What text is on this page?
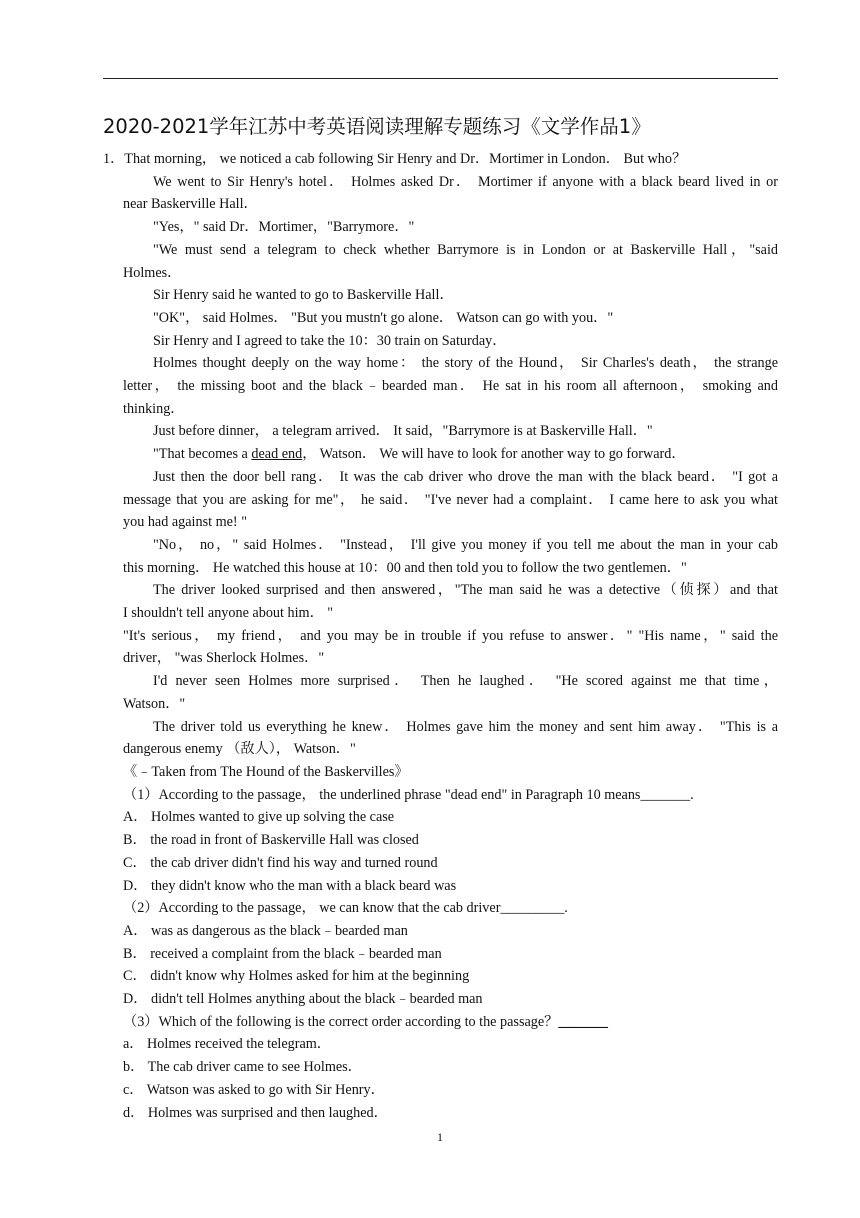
2020-2021学年江苏中考英语阅读理解专题练习《文学作品1》
1．That morning， we noticed a cab following Sir Henry and Dr．Mortimer in London． But who？
We went to Sir Henry's hotel． Holmes asked Dr． Mortimer if anyone with a black beard lived in or
near Baskerville Hall．
"Yes，" said Dr．Mortimer，"Barrymore．"
"We must send a telegram to check whether Barrymore is in London or at Baskerville Hall，"said
Holmes．
Sir Henry said he wanted to go to Baskerville Hall．
"OK"， said Holmes． "But you mustn't go alone． Watson can go with you．"
Sir Henry and I agreed to take the 10：30 train on Saturday．
Holmes thought deeply on the way home： the story of the Hound， Sir Charles's death， the strange
letter， the missing boot and the black﹣bearded man． He sat in his room all afternoon， smoking and
thinking．
Just before dinner， a telegram arrived． It said，"Barrymore is at Baskerville Hall．"
"That becomes a dead end， Watson． We will have to look for another way to go forward．
Just then the door bell rang． It was the cab driver who drove the man with the black beard． "I got a
message that you are asking for me"， he said． "I've never had a complaint． I came here to ask you what
you had against me! "
"No， no，" said Holmes． "Instead， I'll give you money if you tell me about the man in your cab
this morning． He watched this house at 10：00 and then told you to follow the two gentlemen．"
The driver looked surprised and then answered，"The man said he was a detective（侦探）and that
I shouldn't tell anyone about him． "
"It's serious， my friend， and you may be in trouble if you refuse to answer．" "His name，" said the
driver， "was Sherlock Holmes．"
I'd never seen Holmes more surprised． Then he laughed． "He scored against me that time，
Watson．"
The driver told us everything he knew． Holmes gave him the money and sent him away． "This is a
dangerous enemy （敌人）， Watson．"
《﹣Taken from The Hound of the Baskervilles》
（1）According to the passage， the underlined phrase "dead end" in Paragraph 10 means_______.
A． Holmes wanted to give up solving the case
B． the road in front of Baskerville Hall was closed
C． the cab driver didn't find his way and turned round
D． they didn't know who the man with a black beard was
（2）According to the passage， we can know that the cab driver_________.
A． was as dangerous as the black﹣bearded man
B． received a complaint from the black﹣bearded man
C． didn't know why Holmes asked for him at the beginning
D． didn't tell Holmes anything about the black﹣bearded man
（3）Which of the following is the correct order according to the passage？_______
a． Holmes received the telegram．
b． The cab driver came to see Holmes．
c． Watson was asked to go with Sir Henry．
d． Holmes was surprised and then laughed．
1
